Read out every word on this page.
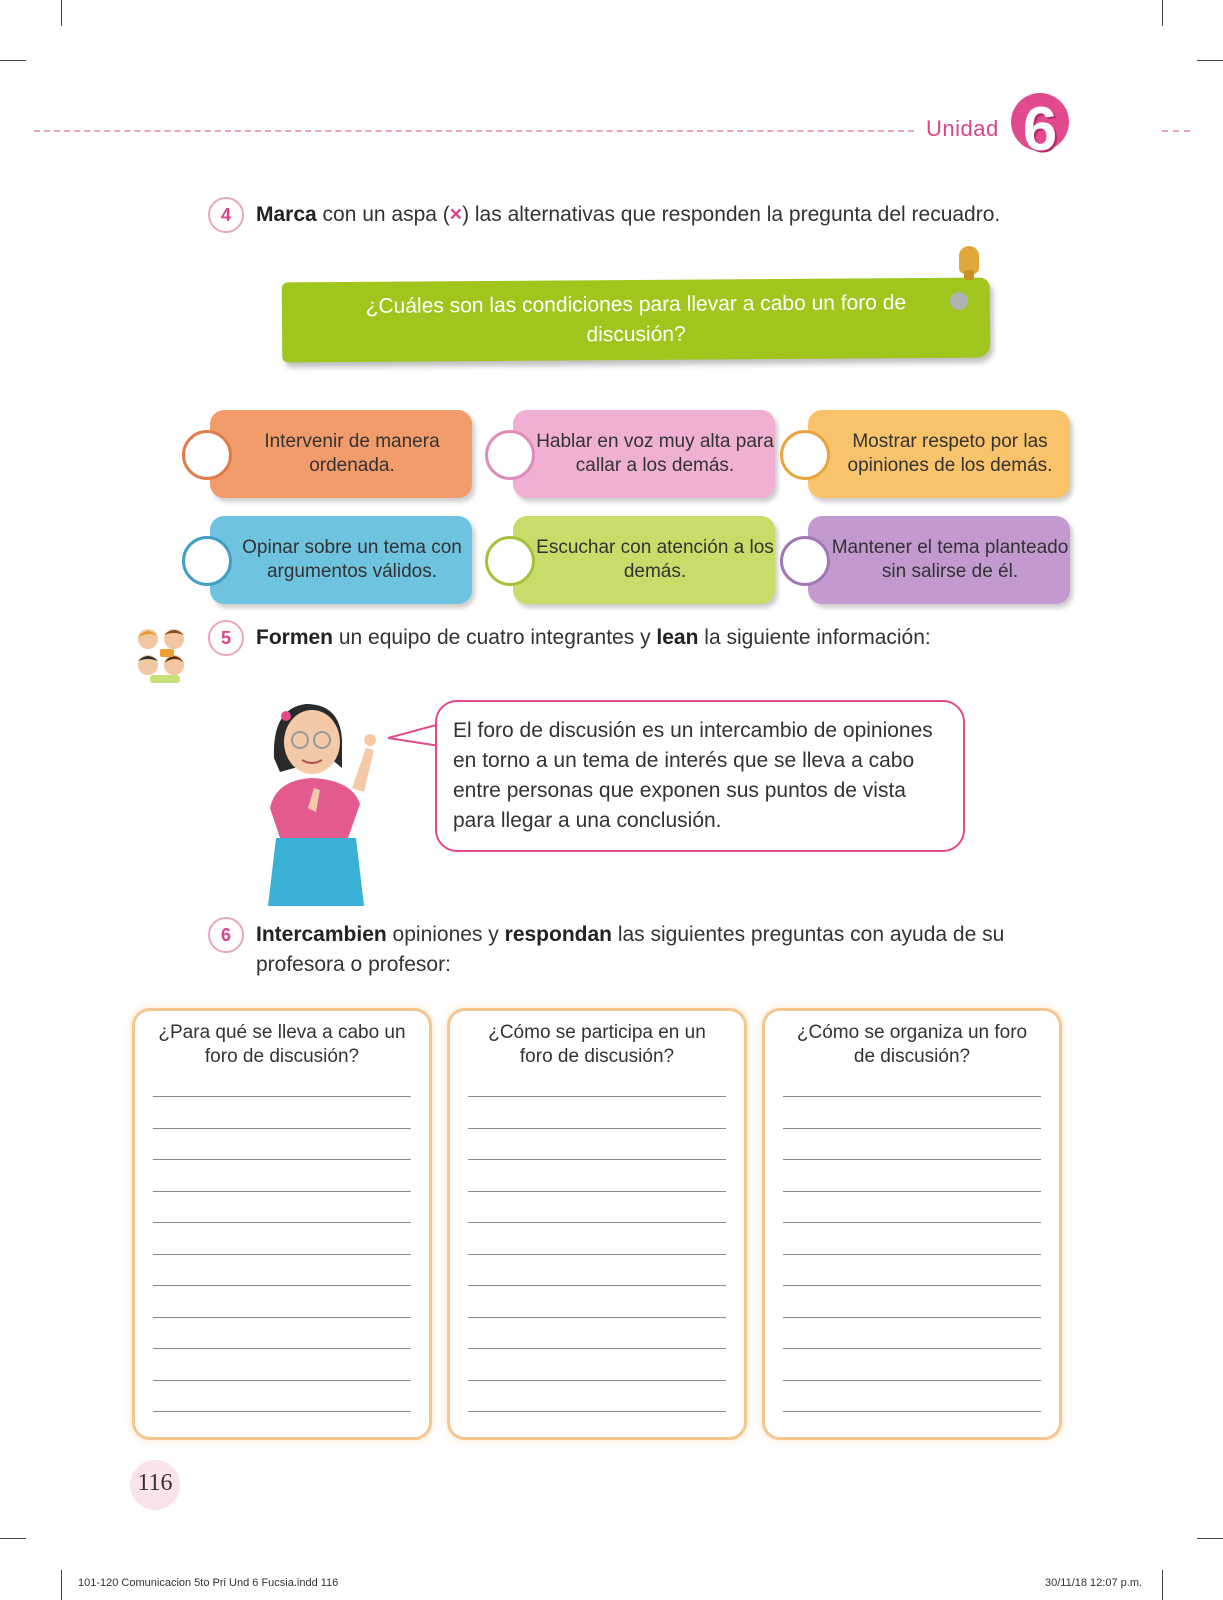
Unidad 6
4	Marca con un aspa (×) las alternativas que responden la pregunta del recuadro.
¿Cuáles son las condiciones para llevar a cabo un foro de discusión?
Intervenir de manera ordenada.
Hablar en voz muy alta para callar a los demás.
Mostrar respeto por las opiniones de los demás.
Opinar sobre un tema con argumentos válidos.
Escuchar con atención a los demás.
Mantener el tema planteado sin salirse de él.
5	Formen un equipo de cuatro integrantes y lean la siguiente información:
El foro de discusión es un intercambio de opiniones en torno a un tema de interés que se lleva a cabo entre personas que exponen sus puntos de vista para llegar a una conclusión.
6	Intercambien opiniones y respondan las siguientes preguntas con ayuda de su profesora o profesor:
¿Para qué se lleva a cabo un foro de discusión?
¿Cómo se participa en un foro de discusión?
¿Cómo se organiza un foro de discusión?
116
101-120 Comunicacion 5to Pri Und 6 Fucsia.indd 116	30/11/18 12:07 p.m.
